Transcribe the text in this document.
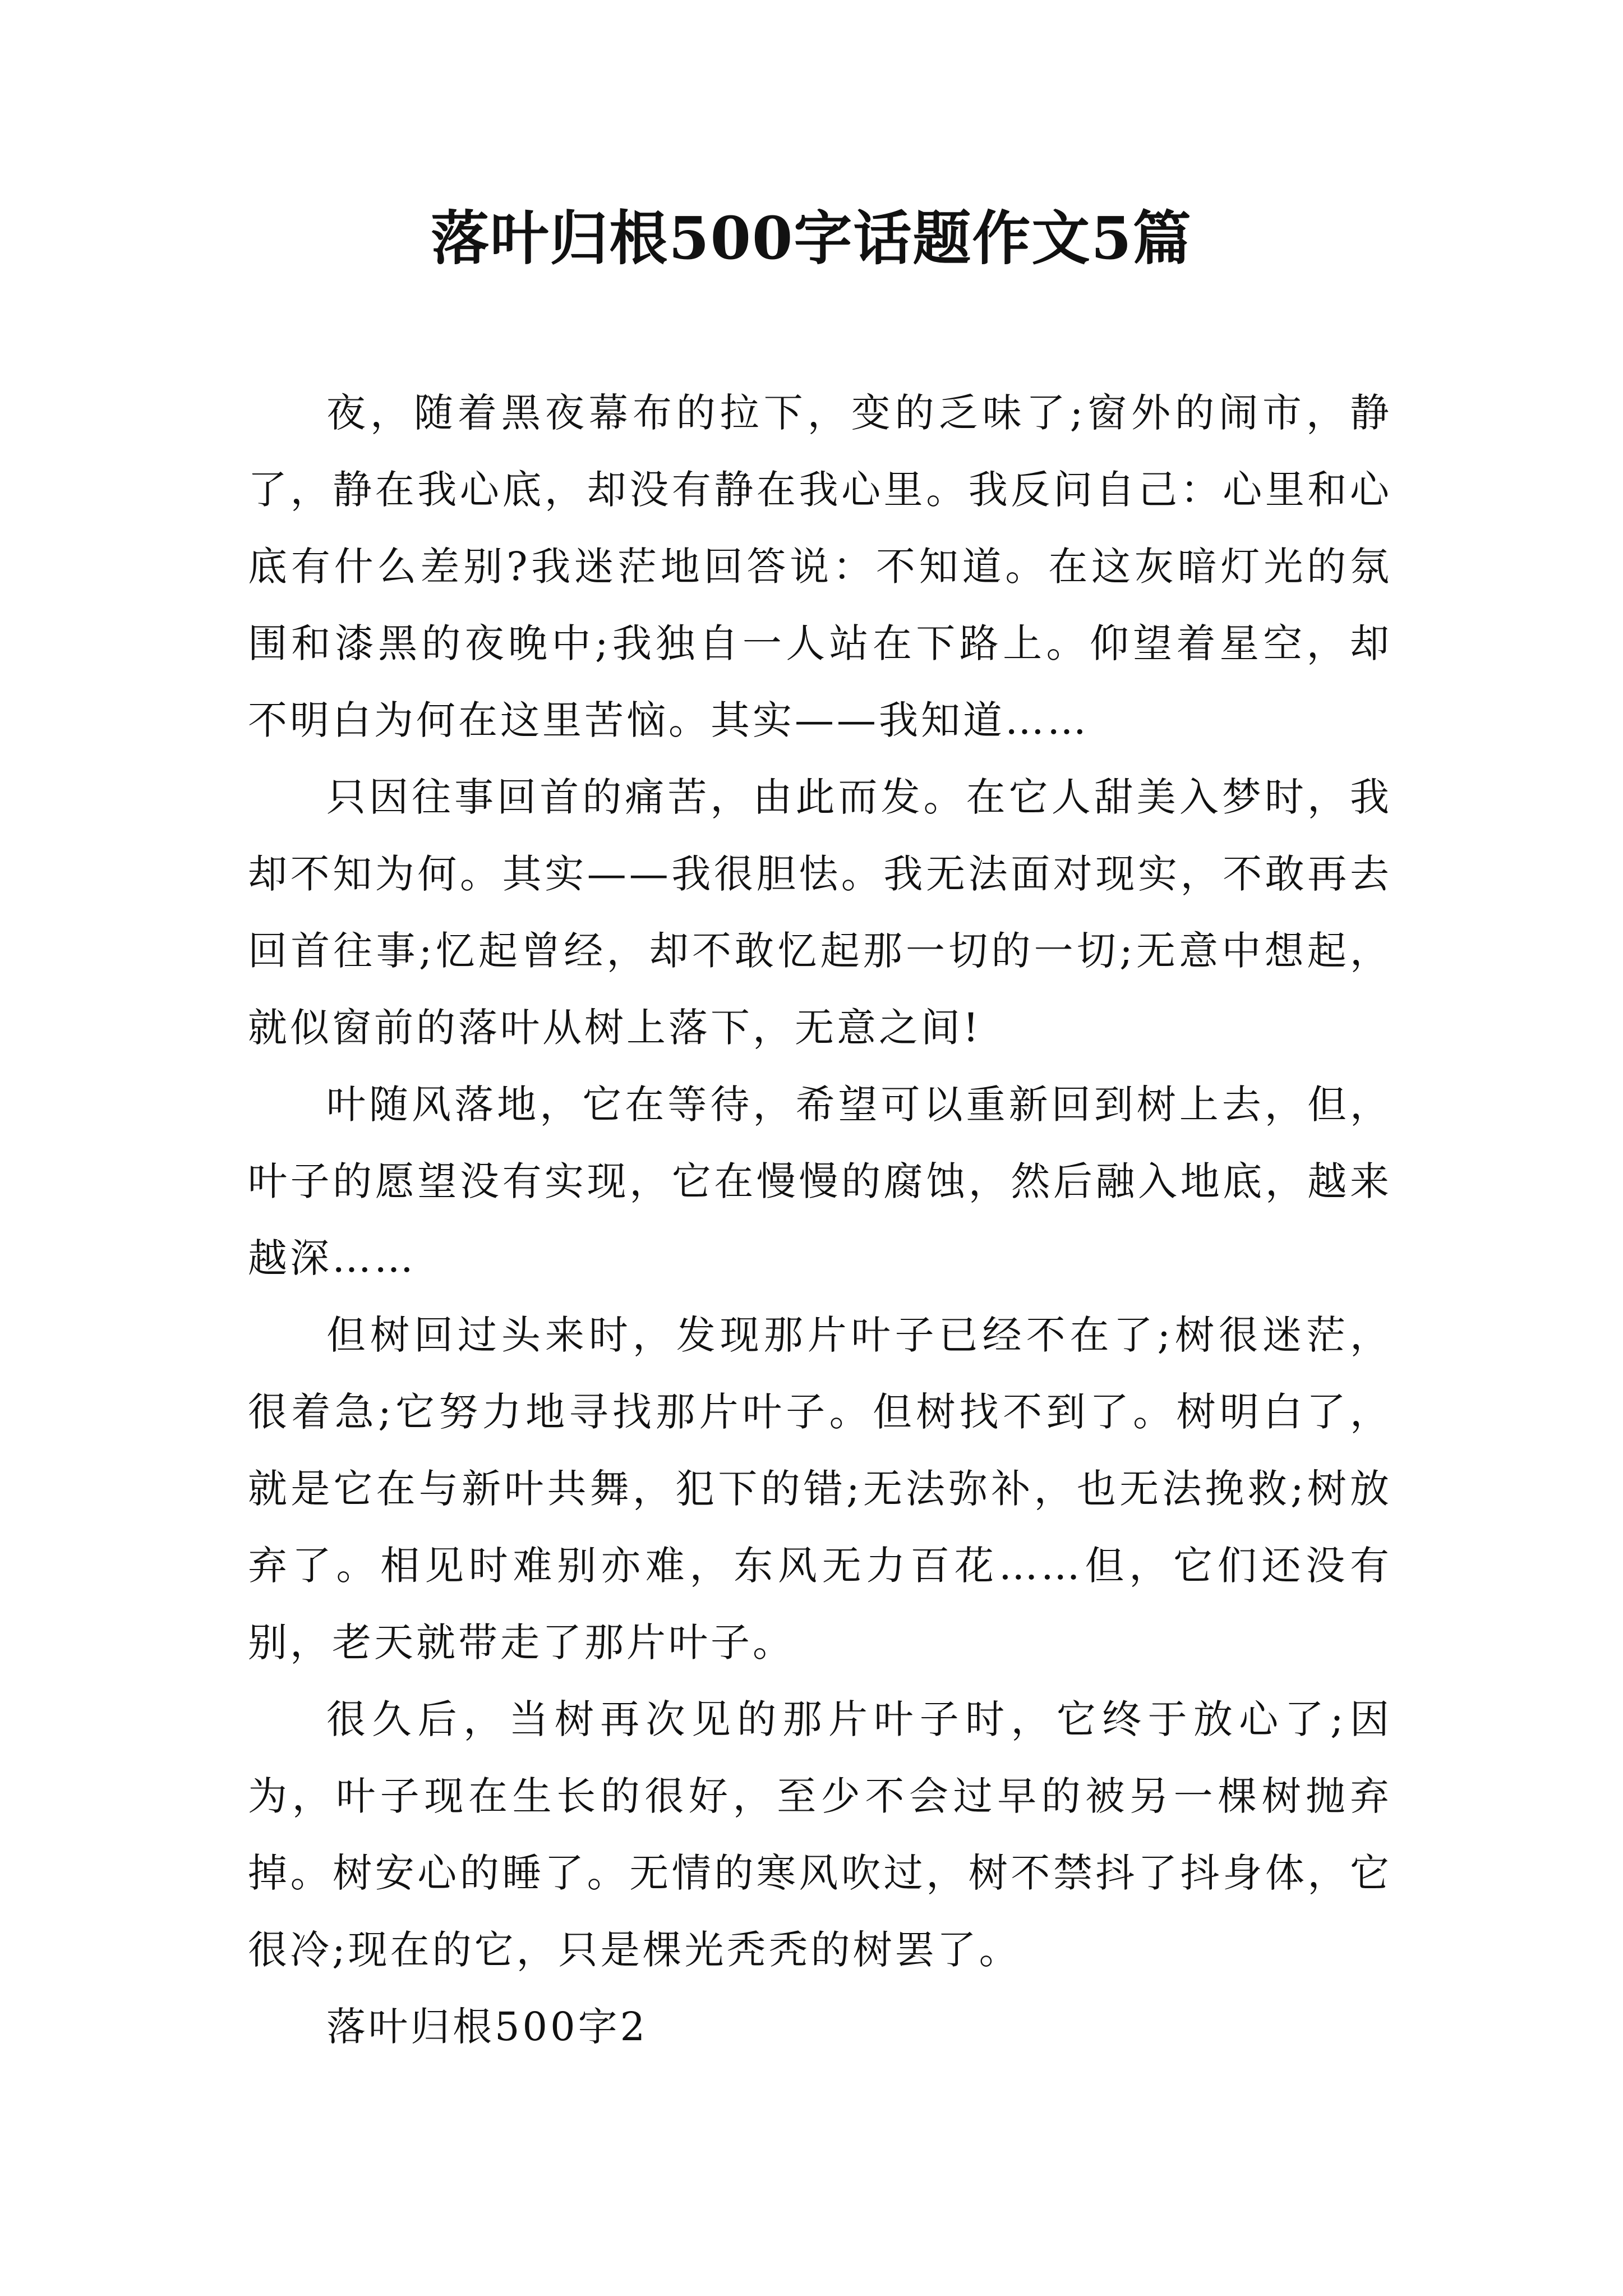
落叶归根500字话题作文5篇

夜，随着黑夜幕布的拉下，变的乏味了;窗外的闹市，静了，静在我心底，却没有静在我心里。我反问自己：心里和心底有什么差别?我迷茫地回答说：不知道。在这灰暗灯光的氛围和漆黑的夜晚中;我独自一人站在下路上。仰望着星空，却不明白为何在这里苦恼。其实——我知道……

只因往事回首的痛苦，由此而发。在它人甜美入梦时，我却不知为何。其实——我很胆怯。我无法面对现实，不敢再去回首往事;忆起曾经，却不敢忆起那一切的一切;无意中想起，就似窗前的落叶从树上落下，无意之间!

叶随风落地，它在等待，希望可以重新回到树上去，但，叶子的愿望没有实现，它在慢慢的腐蚀，然后融入地底，越来越深……

但树回过头来时，发现那片叶子已经不在了;树很迷茫，很着急;它努力地寻找那片叶子。但树找不到了。树明白了，就是它在与新叶共舞，犯下的错;无法弥补，也无法挽救;树放弃了。相见时难别亦难，东风无力百花……但，它们还没有别，老天就带走了那片叶子。

很久后，当树再次见的那片叶子时，它终于放心了;因为，叶子现在生长的很好，至少不会过早的被另一棵树抛弃掉。树安心的睡了。无情的寒风吹过，树不禁抖了抖身体，它很冷;现在的它，只是棵光秃秃的树罢了。

落叶归根500字2
